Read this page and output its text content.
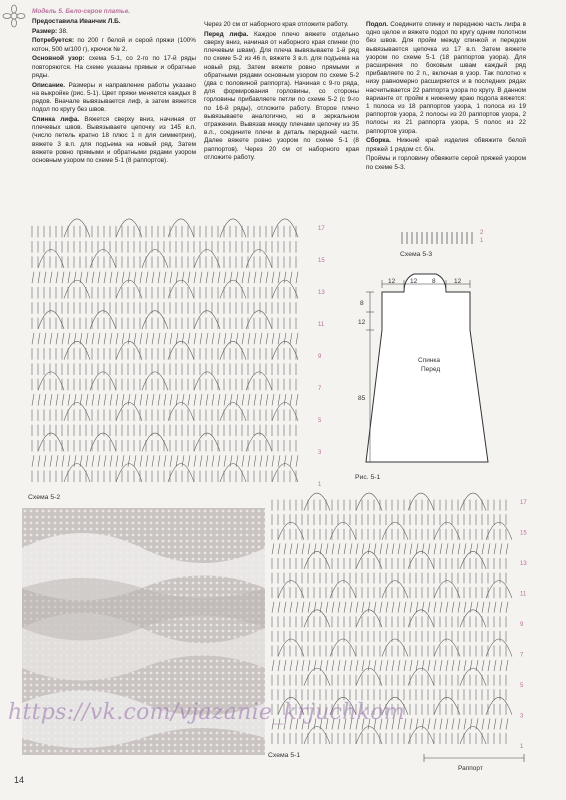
Модель 5. Бело-серое платье.

Предоставила Иванчик Л.Б.

Размер: 38.

Потребуется: по 200 г белой и серой пряжи (100% котон, 500 м/100 г), крючок № 2.

Основной узор: схема 5-1, со 2-го по 17-й ряды повторяются. На схеме указаны прямые и обратные ряды.

Описание. Размеры и направление работы указано на выкройке (рис. 5-1). Цвет пряжи меняется каждых 8 рядов. Вначале вывязывается лиф, а затем вяжется подол по кругу без швов.

Спинка лифа. Вяжется сверху вниз, начиная от плечевых швов. Вывязываете цепочку из 145 в.п. (число петель кратно 18 плюс 1 п для симметрии), вяжете 3 в.п. для подъема на новый ряд. Затем вяжете ровно прямыми и обратными рядами узором основным узором по схеме 5-1 (8 раппортов).

Через 20 см от наборного края отложите работу.

Перед лифа. Каждое плечо вяжете отдельно сверху вниз, начиная от наборного края спинки (по плечевым швам). Для плеча вывязываете 1-й ряд по схеме 5-2 из 46 п, вяжете 3 в.п. для подъема на новый ряд. Затем вяжете ровно прямыми и обратными рядами основным узором по схеме 5-2 (два с половиной раппорта). Начиная с 9-го ряда, для формирования горловины, со стороны горловины прибавляете петли по схеме 5-2 (с 9-го по 16-й ряды), отложите работу. Второе плечо вывязываете аналогично, но в зеркальном отражении. Вывязав между плечами цепочку из 35 в.п., соедините плечи в деталь передней части. Далее вяжете ровно узором по схеме 5-1 (8 раппортов). Через 20 см от наборного края отложите работу.

Подол. Соедините спинку и переднюю часть лифа в одно целое и вяжете подол по кругу одним полотном без швов. Для пройм между спинкой и передом вывязывается цепочка из 17 в.п. Затем вяжете узором по схеме 5-1 (18 раппортов узора). Для расширения по боковым швам каждый ряд прибавляете по 2 п., включая в узор. Так полотно к низу равномерно расширяется и в последних рядах насчитывается 22 раппорта узора по кругу. В данном варианте от пройм к нижнему краю подола вяжется: 1 полоса из 18 раппортов узора, 1 полоса из 19 раппортов узора, 2 полосы из 20 раппортов узора, 2 полосы из 21 раппорта узора, 5 полос из 22 раппортов узора.

Сборка. Нижний край изделия обвяжите белой пряжей 1 рядом ст. б/н.

Проймы и горловину обвяжите серой пряжей узором по схеме 5-3.

2
1
Схема 5-3
12 12 8	12
8
12
85
Спинка
Перед
Рис. 5-1
17
15
13
11
9
7
5
3
1
Схема 5-2
17
15
13
11
9
7
5
3
1
Схема 5-1
Раппорт
https://vk.com/vjazanie_krjuchkom
14
